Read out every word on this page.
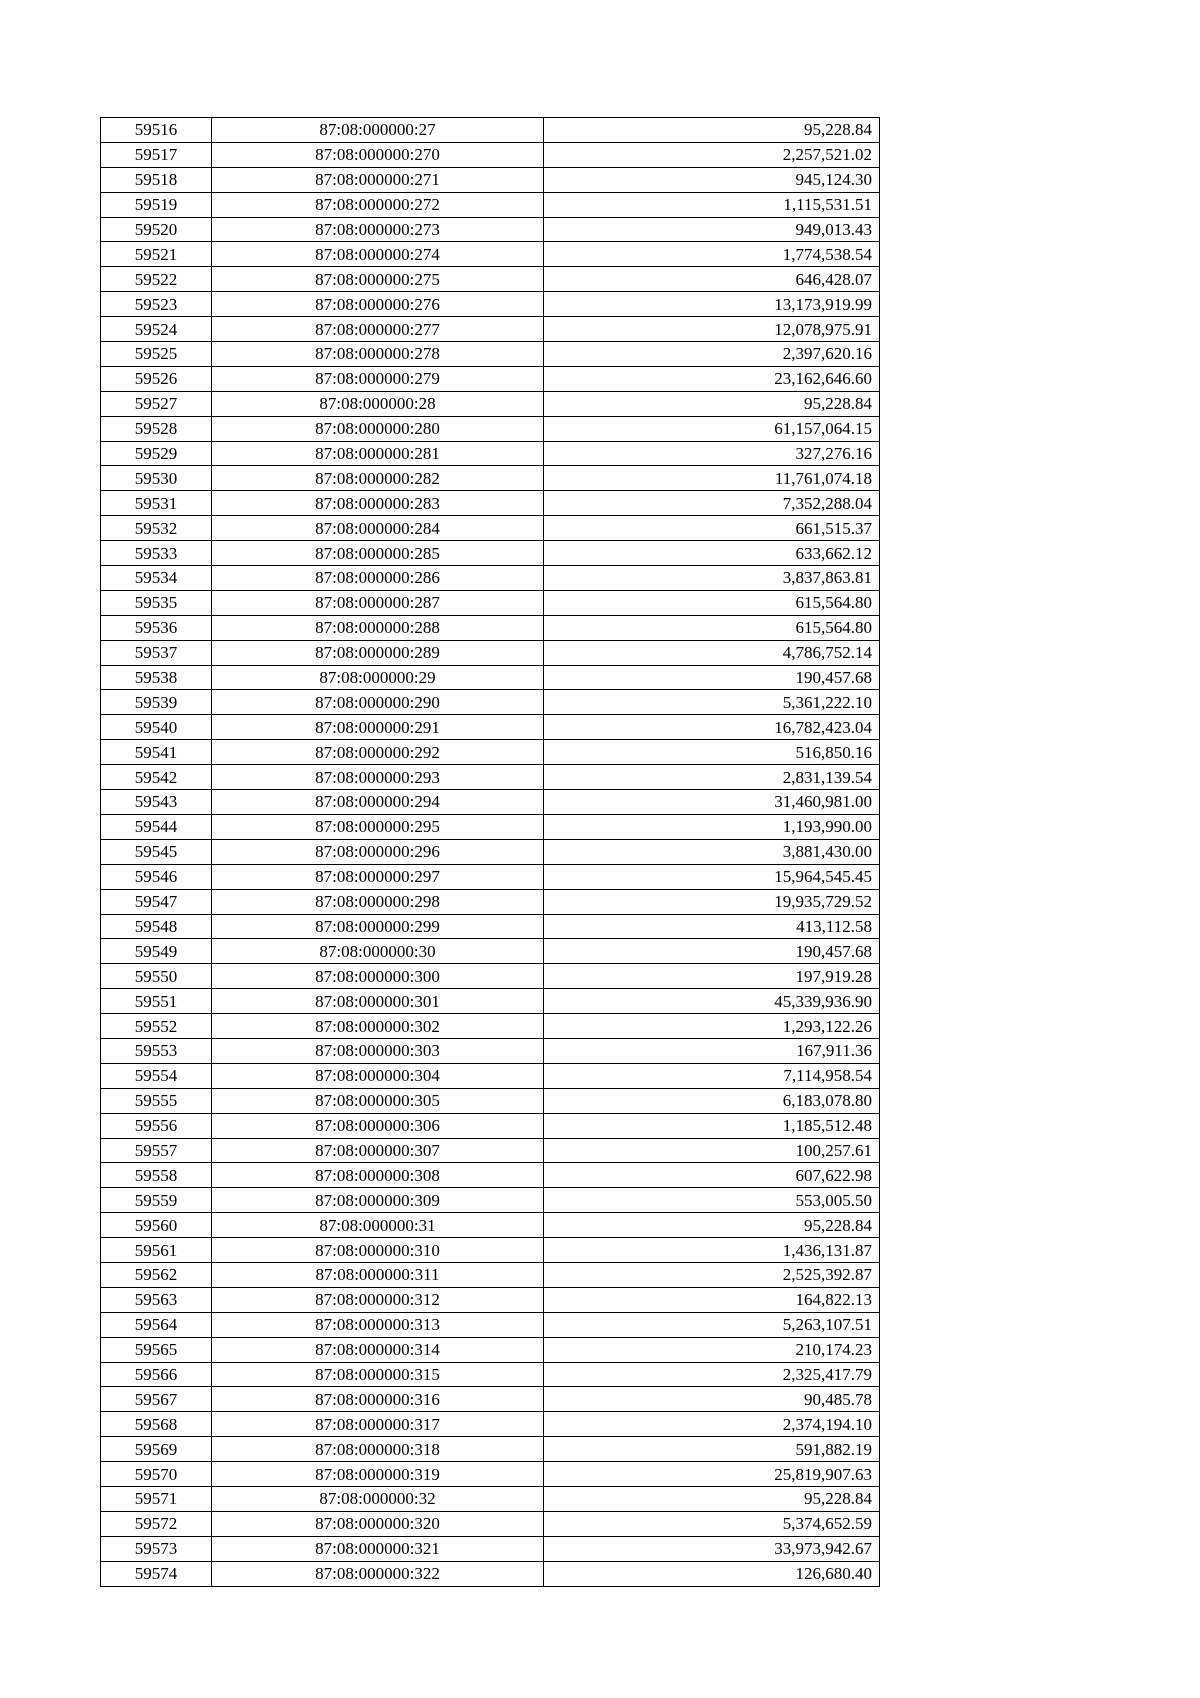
59516	87:08:000000:27	95,228.84
59517	87:08:000000:270	2,257,521.02
59518	87:08:000000:271	945,124.30
59519	87:08:000000:272	1,115,531.51
59520	87:08:000000:273	949,013.43
59521	87:08:000000:274	1,774,538.54
59522	87:08:000000:275	646,428.07
59523	87:08:000000:276	13,173,919.99
59524	87:08:000000:277	12,078,975.91
59525	87:08:000000:278	2,397,620.16
59526	87:08:000000:279	23,162,646.60
59527	87:08:000000:28	95,228.84
59528	87:08:000000:280	61,157,064.15
59529	87:08:000000:281	327,276.16
59530	87:08:000000:282	11,761,074.18
59531	87:08:000000:283	7,352,288.04
59532	87:08:000000:284	661,515.37
59533	87:08:000000:285	633,662.12
59534	87:08:000000:286	3,837,863.81
59535	87:08:000000:287	615,564.80
59536	87:08:000000:288	615,564.80
59537	87:08:000000:289	4,786,752.14
59538	87:08:000000:29	190,457.68
59539	87:08:000000:290	5,361,222.10
59540	87:08:000000:291	16,782,423.04
59541	87:08:000000:292	516,850.16
59542	87:08:000000:293	2,831,139.54
59543	87:08:000000:294	31,460,981.00
59544	87:08:000000:295	1,193,990.00
59545	87:08:000000:296	3,881,430.00
59546	87:08:000000:297	15,964,545.45
59547	87:08:000000:298	19,935,729.52
59548	87:08:000000:299	413,112.58
59549	87:08:000000:30	190,457.68
59550	87:08:000000:300	197,919.28
59551	87:08:000000:301	45,339,936.90
59552	87:08:000000:302	1,293,122.26
59553	87:08:000000:303	167,911.36
59554	87:08:000000:304	7,114,958.54
59555	87:08:000000:305	6,183,078.80
59556	87:08:000000:306	1,185,512.48
59557	87:08:000000:307	100,257.61
59558	87:08:000000:308	607,622.98
59559	87:08:000000:309	553,005.50
59560	87:08:000000:31	95,228.84
59561	87:08:000000:310	1,436,131.87
59562	87:08:000000:311	2,525,392.87
59563	87:08:000000:312	164,822.13
59564	87:08:000000:313	5,263,107.51
59565	87:08:000000:314	210,174.23
59566	87:08:000000:315	2,325,417.79
59567	87:08:000000:316	90,485.78
59568	87:08:000000:317	2,374,194.10
59569	87:08:000000:318	591,882.19
59570	87:08:000000:319	25,819,907.63
59571	87:08:000000:32	95,228.84
59572	87:08:000000:320	5,374,652.59
59573	87:08:000000:321	33,973,942.67
59574	87:08:000000:322	126,680.40
